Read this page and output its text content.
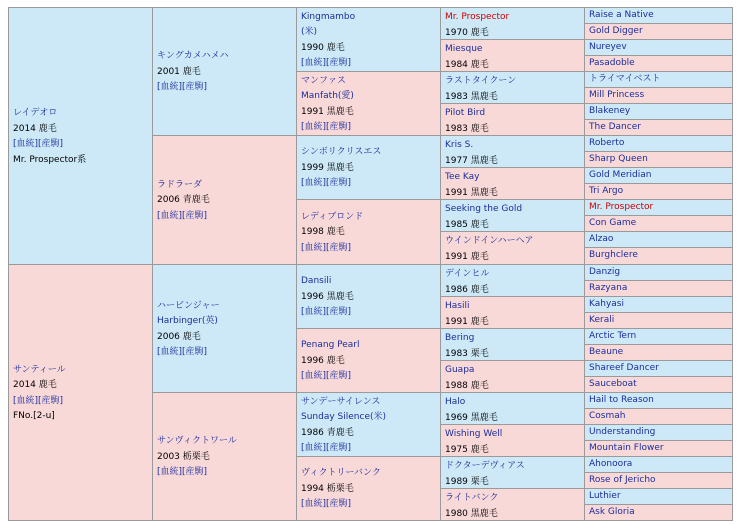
レイデオロ
2014 鹿毛
[血統][産駒]
Mr. Prospector系
サンティール
2014 鹿毛
[血統][産駒]
FNo.[2-u]
キングカメハメハ
2001 鹿毛
[血統][産駒]
ラドラーダ
2006 青鹿毛
[血統][産駒]
ハービンジャー
Harbinger(英)
2006 鹿毛
[血統][産駒]
サンヴィクトワール
2003 栃栗毛
[血統][産駒]
Kingmambo
(米)
1990 鹿毛
[血統][産駒]
マンファス
Manfath(愛)
1991 黒鹿毛
[血統][産駒]
シンボリクリスエス
1999 黒鹿毛
[血統][産駒]
レディブロンド
1998 鹿毛
[血統][産駒]
Dansili
1996 黒鹿毛
[血統][産駒]
Penang Pearl
1996 鹿毛
[血統][産駒]
サンデーサイレンス
Sunday Silence(米)
1986 青鹿毛
[血統][産駒]
ヴィクトリーバンク
1994 栃栗毛
[血統][産駒]
Mr. Prospector
1970 鹿毛
Miesque
1984 鹿毛
ラストタイクーン
1983 黒鹿毛
Pilot Bird
1983 鹿毛
Kris S.
1977 黒鹿毛
Tee Kay
1991 黒鹿毛
Seeking the Gold
1985 鹿毛
ウインドインハーヘア
1991 鹿毛
デインヒル
1986 鹿毛
Hasili
1991 鹿毛
Bering
1983 栗毛
Guapa
1988 鹿毛
Halo
1969 黒鹿毛
Wishing Well
1975 鹿毛
ドクターデヴィアス
1989 栗毛
ライトバンク
1980 黒鹿毛
Raise a Native
Gold Digger
Nureyev
Pasadoble
トライマイベスト
Mill Princess
Blakeney
The Dancer
Roberto
Sharp Queen
Gold Meridian
Tri Argo
Mr. Prospector
Con Game
Alzao
Burghclere
Danzig
Razyana
Kahyasi
Kerali
Arctic Tern
Beaune
Shareef Dancer
Sauceboat
Hail to Reason
Cosmah
Understanding
Mountain Flower
Ahonoora
Rose of Jericho
Luthier
Ask Gloria
